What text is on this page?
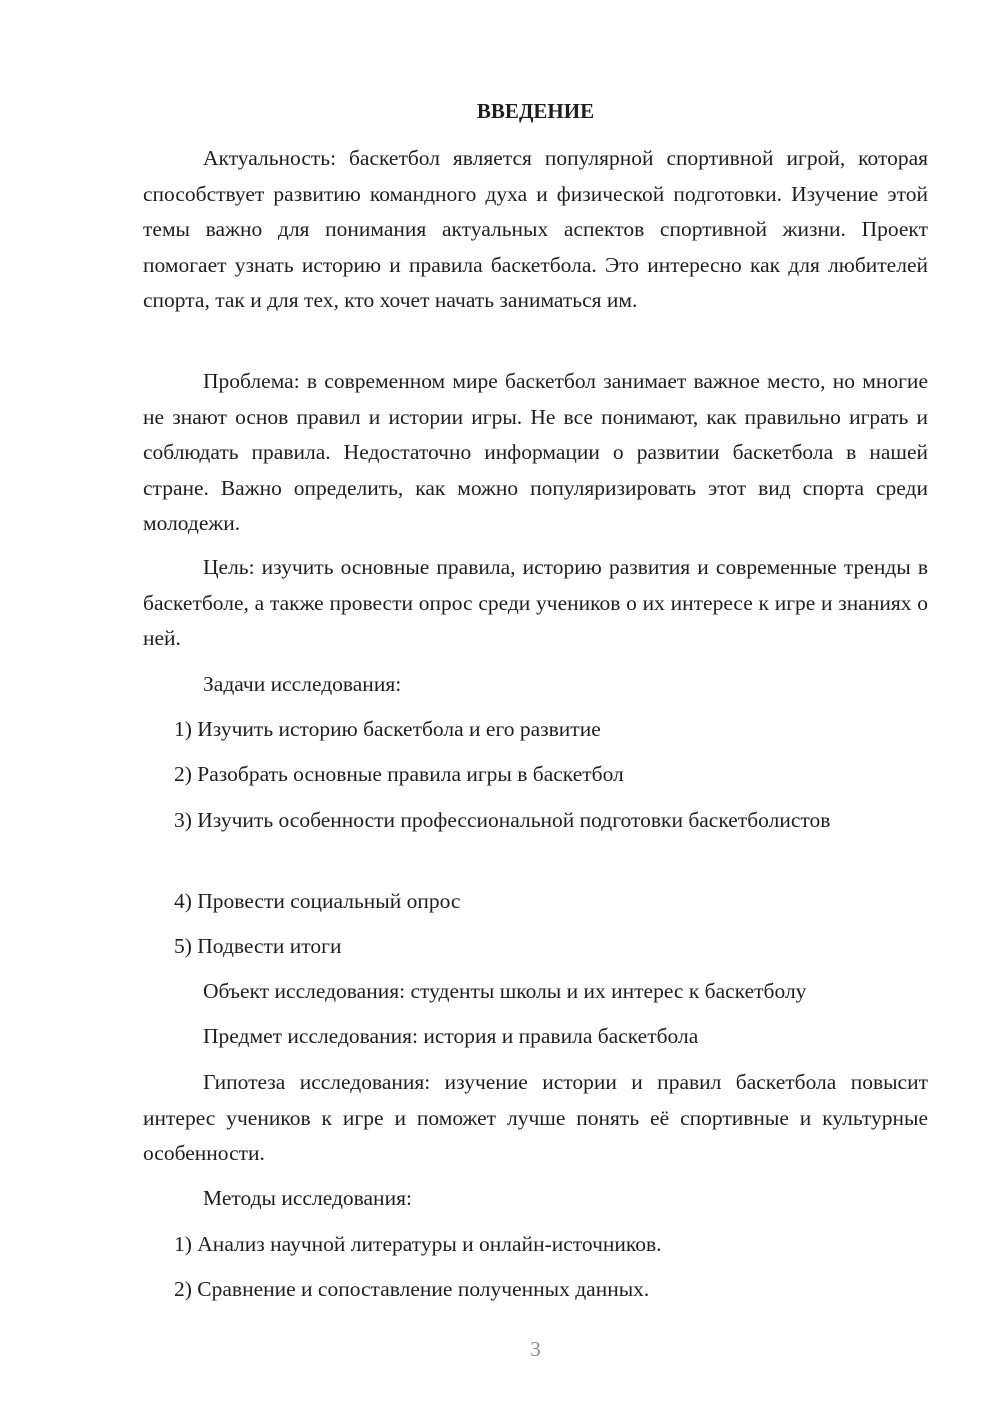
ВВЕДЕНИЕ

Актуальность: баскетбол является популярной спортивной игрой, которая способствует развитию командного духа и физической подготовки. Изучение этой темы важно для понимания актуальных аспектов спортивной жизни. Проект помогает узнать историю и правила баскетбола. Это интересно как для любителей спорта, так и для тех, кто хочет начать заниматься им.

Проблема: в современном мире баскетбол занимает важное место, но многие не знают основ правил и истории игры. Не все понимают, как правильно играть и соблюдать правила. Недостаточно информации о развитии баскетбола в нашей стране. Важно определить, как можно популяризировать этот вид спорта среди молодежи.

Цель: изучить основные правила, историю развития и современные тренды в баскетболе, а также провести опрос среди учеников о их интересе к игре и знаниях о ней.

Задачи исследования:

1) Изучить историю баскетбола и его развитие

2) Разобрать основные правила игры в баскетбол

3) Изучить особенности профессиональной подготовки баскетболистов

4) Провести социальный опрос

5) Подвести итоги

Объект исследования: студенты школы и их интерес к баскетболу

Предмет исследования: история и правила баскетбола

Гипотеза исследования: изучение истории и правил баскетбола повысит интерес учеников к игре и поможет лучше понять её спортивные и культурные особенности.

Методы исследования:

1) Анализ научной литературы и онлайн-источников.

2) Сравнение и сопоставление полученных данных.

3
